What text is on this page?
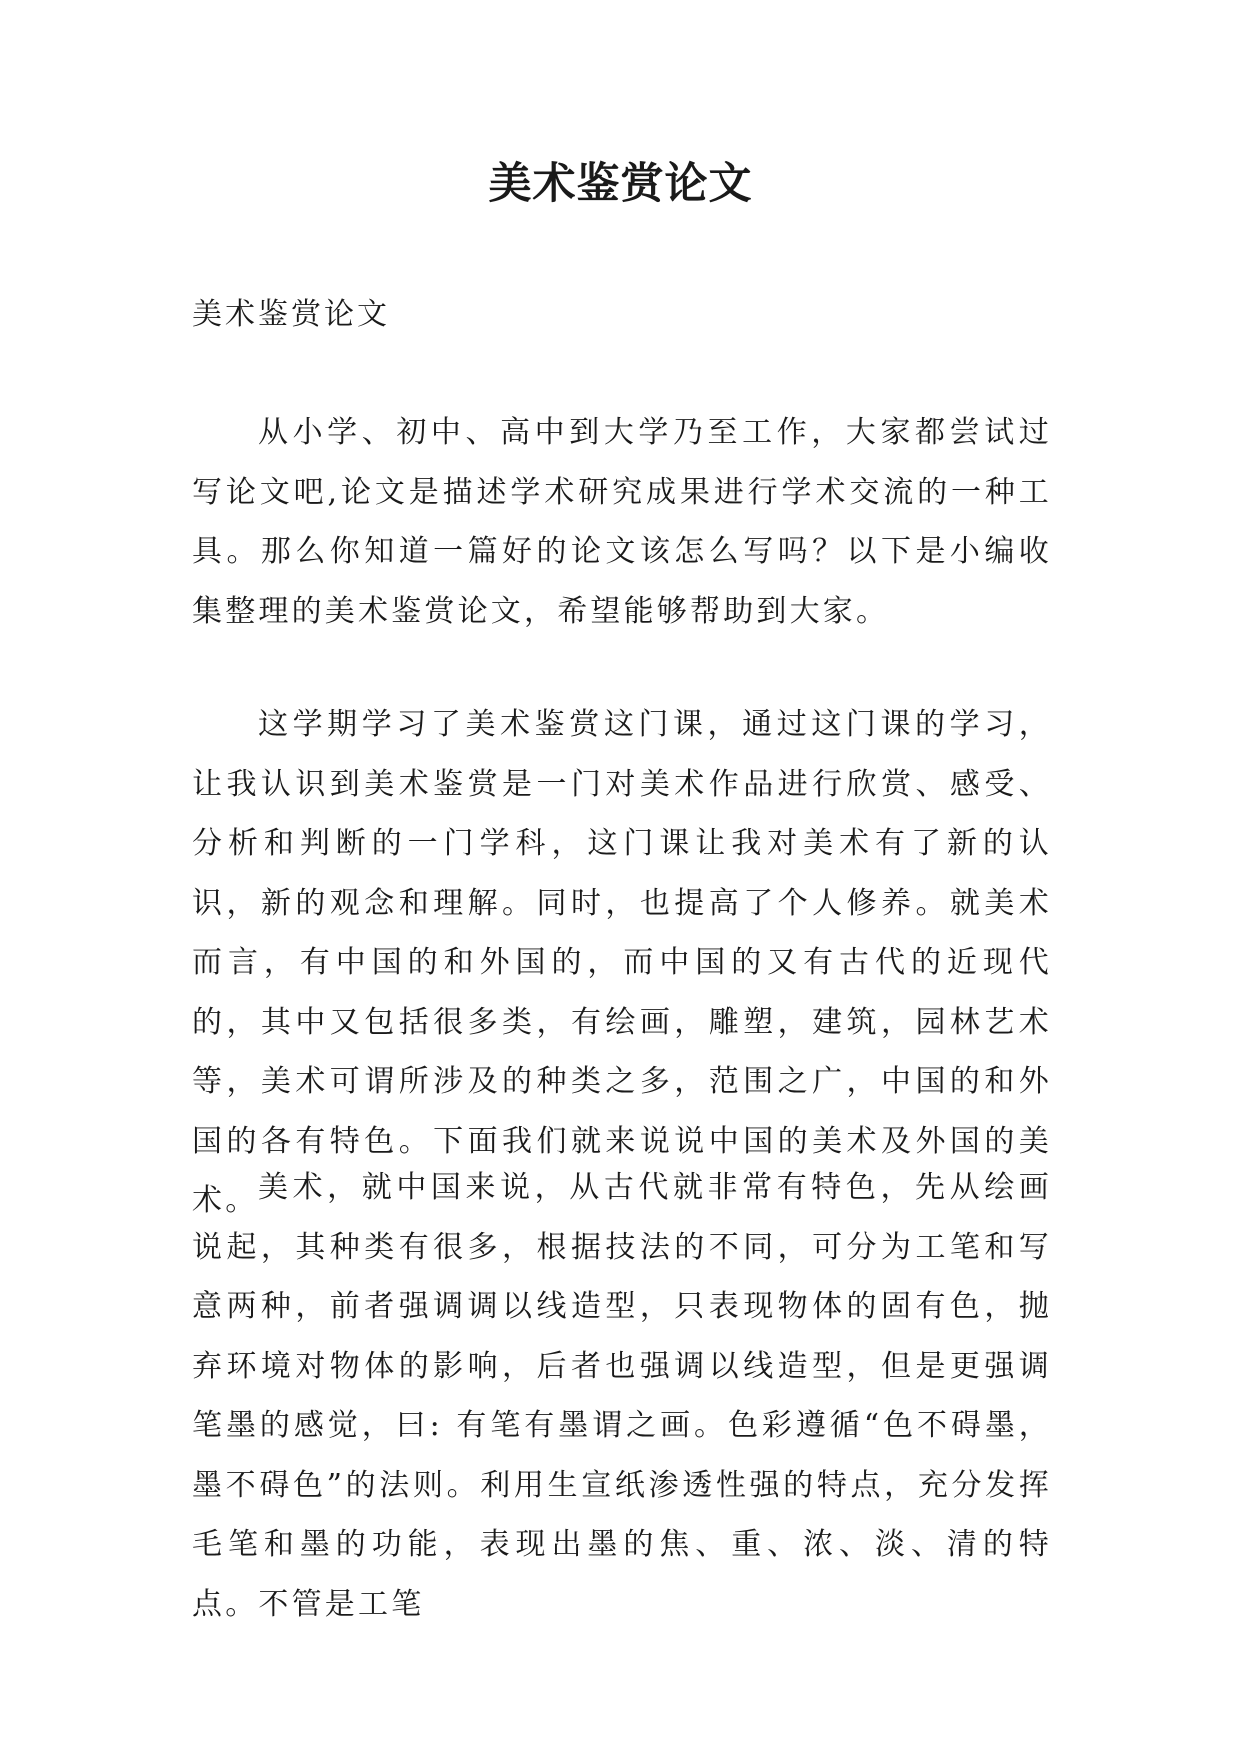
美术鉴赏论文

美术鉴赏论文

从小学、初中、高中到大学乃至工作，大家都尝试过写论文吧,论文是描述学术研究成果进行学术交流的一种工具。那么你知道一篇好的论文该怎么写吗？以下是小编收集整理的美术鉴赏论文，希望能够帮助到大家。

这学期学习了美术鉴赏这门课，通过这门课的学习，让我认识到美术鉴赏是一门对美术作品进行欣赏、感受、分析和判断的一门学科，这门课让我对美术有了新的认识，新的观念和理解。同时，也提高了个人修养。就美术而言，有中国的和外国的，而中国的又有古代的近现代的，其中又包括很多类，有绘画，雕塑，建筑，园林艺术等，美术可谓所涉及的种类之多，范围之广，中国的和外国的各有特色。下面我们就来说说中国的美术及外国的美术。 美术，就中国来说，从古代就非常有特色，先从绘画说起，其种类有很多，根据技法的不同，可分为工笔和写意两种，前者强调调以线造型，只表现物体的固有色，抛弃环境对物体的影响，后者也强调以线造型，但是更强调笔墨的感觉，曰: 有笔有墨谓之画。色彩遵循“色不碍墨，墨不碍色”的法则。利用生宣纸渗透性强的特点，充分发挥毛笔和墨的功能，表现出墨的焦、重、浓、淡、清的特点。不管是工笔
